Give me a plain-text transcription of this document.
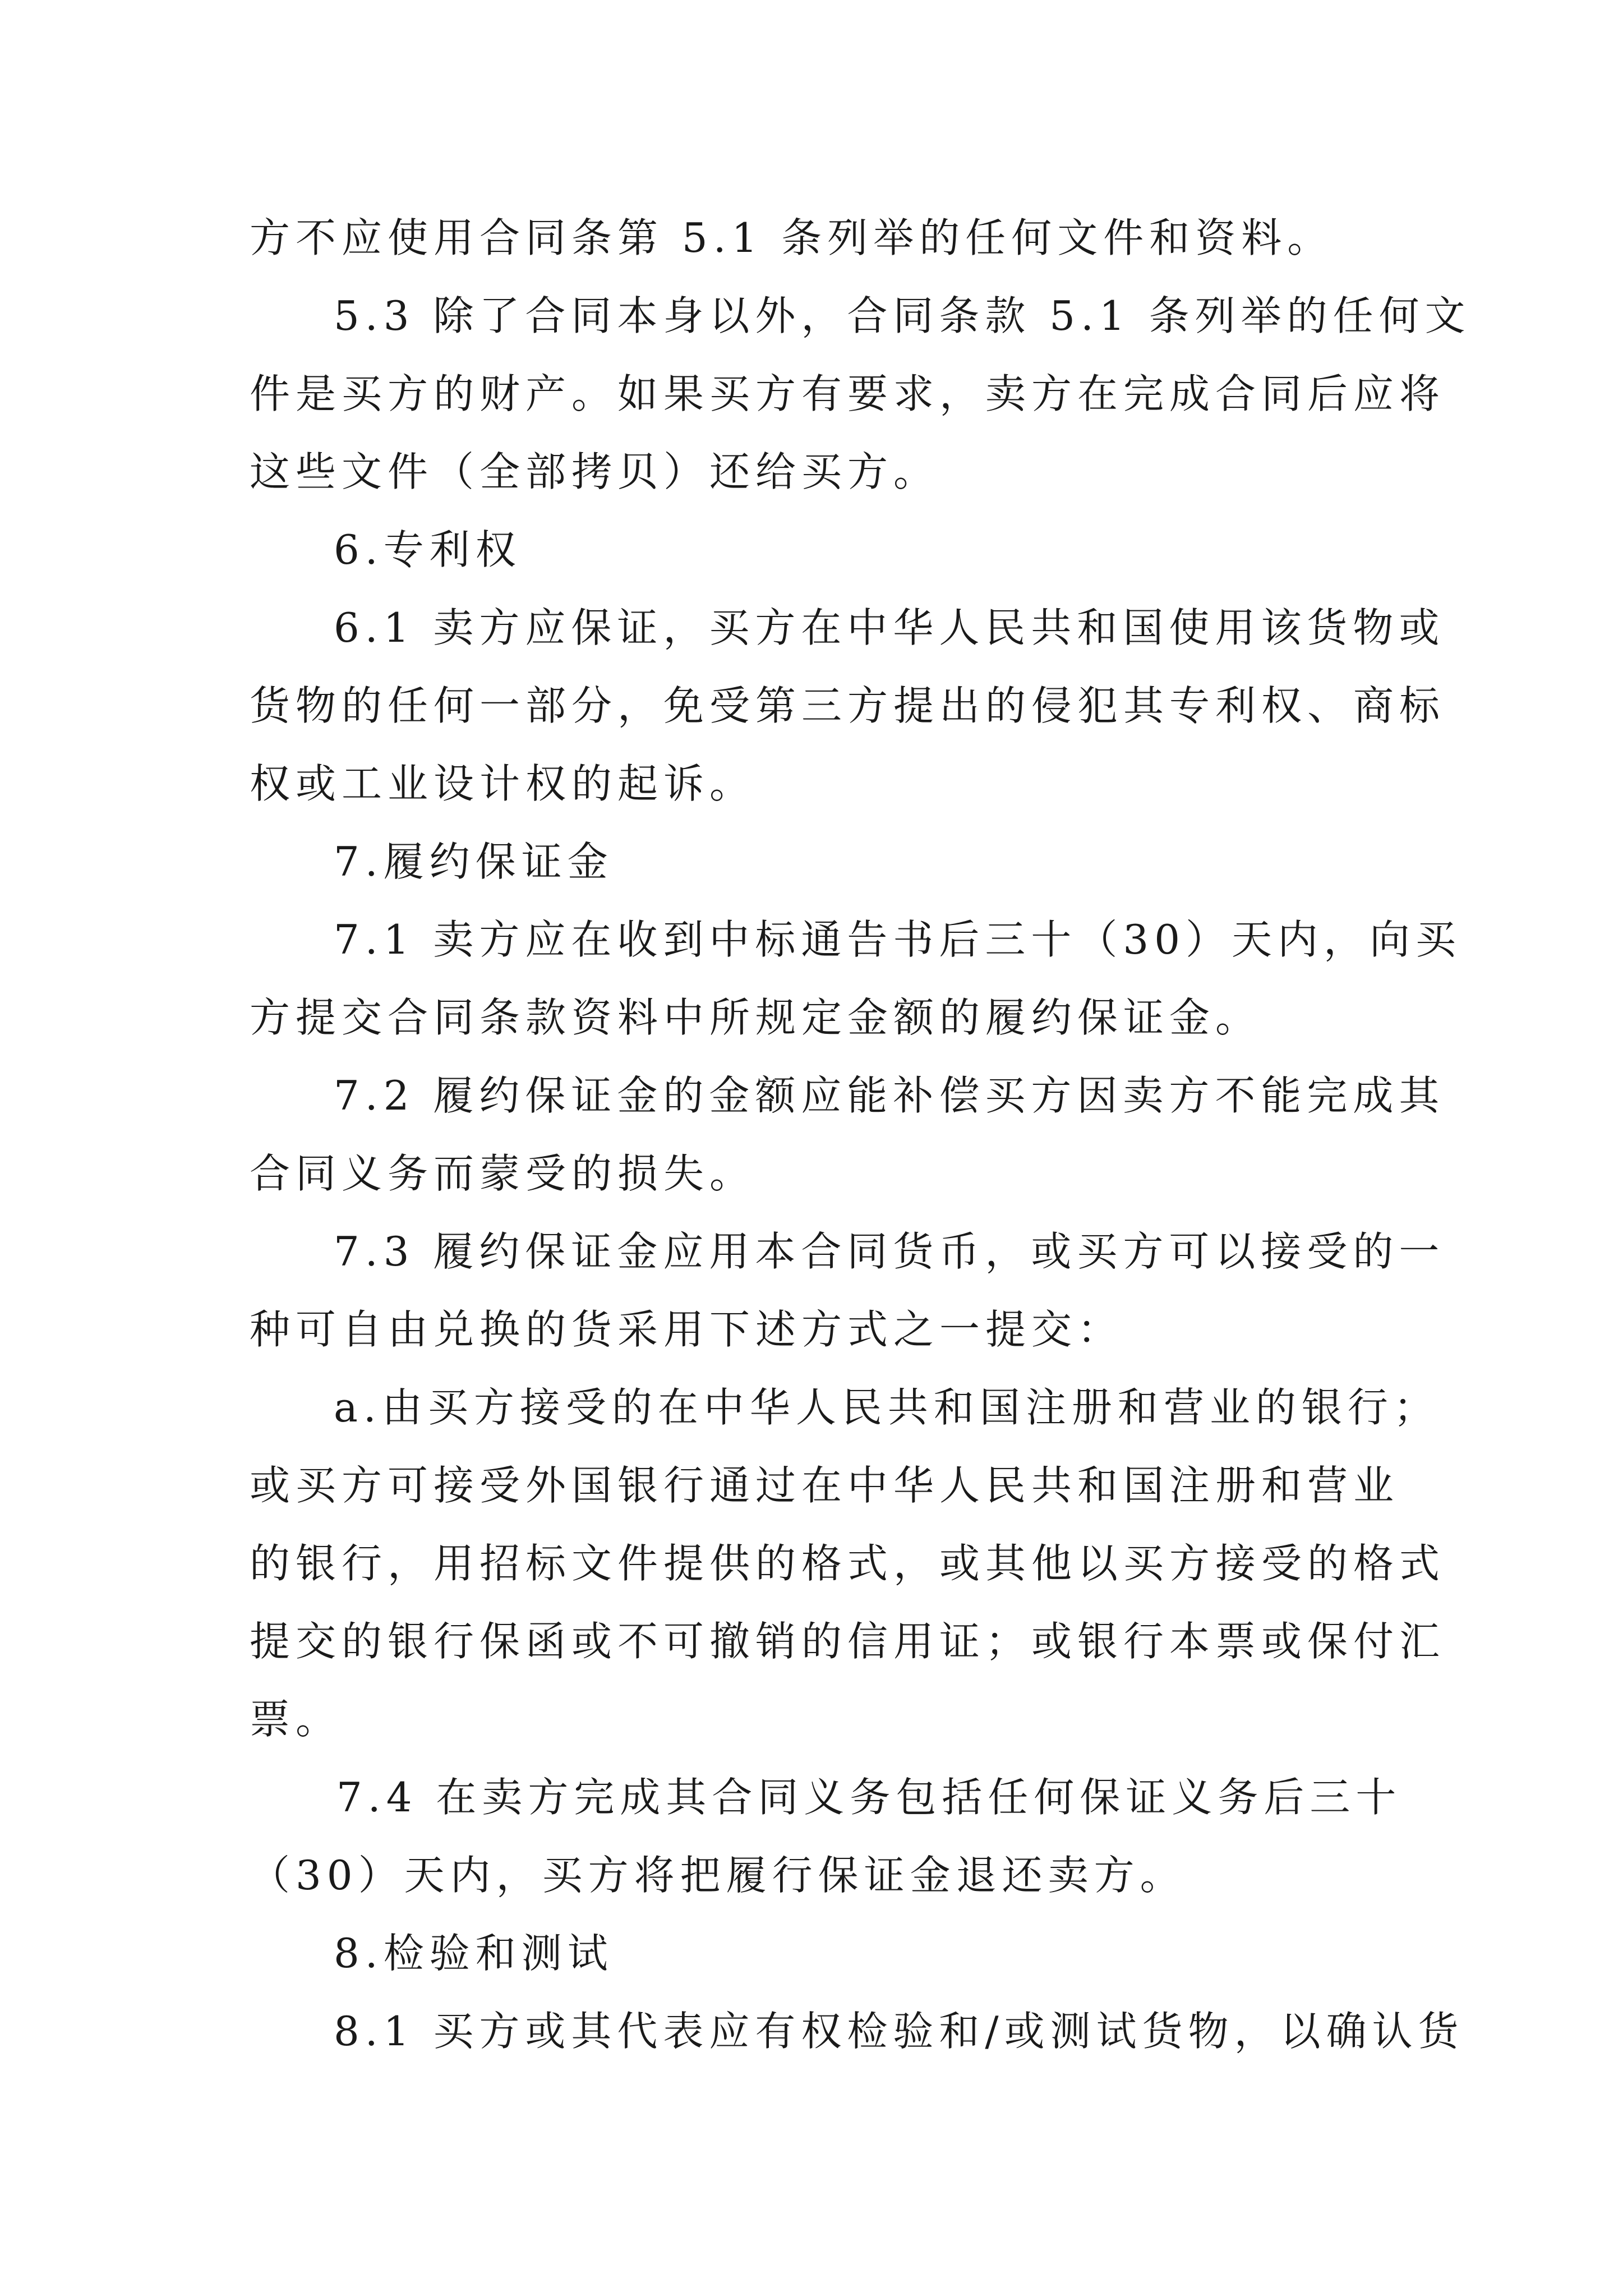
方不应使用合同条第 5.1 条列举的任何文件和资料。
5.3 除了合同本身以外，合同条款 5.1 条列举的任何文
件是买方的财产。如果买方有要求，卖方在完成合同后应将
这些文件（全部拷贝）还给买方。
6.专利权
6.1 卖方应保证，买方在中华人民共和国使用该货物或
货物的任何一部分，免受第三方提出的侵犯其专利权、商标
权或工业设计权的起诉。
7.履约保证金
7.1 卖方应在收到中标通告书后三十（30）天内，向买
方提交合同条款资料中所规定金额的履约保证金。
7.2 履约保证金的金额应能补偿买方因卖方不能完成其
合同义务而蒙受的损失。
7.3 履约保证金应用本合同货币，或买方可以接受的一
种可自由兑换的货采用下述方式之一提交：
a.由买方接受的在中华人民共和国注册和营业的银行；
或买方可接受外国银行通过在中华人民共和国注册和营业
的银行，用招标文件提供的格式，或其他以买方接受的格式
提交的银行保函或不可撤销的信用证；或银行本票或保付汇
票。
7.4 在卖方完成其合同义务包括任何保证义务后三十
（30）天内，买方将把履行保证金退还卖方。
8.检验和测试
8.1 买方或其代表应有权检验和/或测试货物，以确认货
